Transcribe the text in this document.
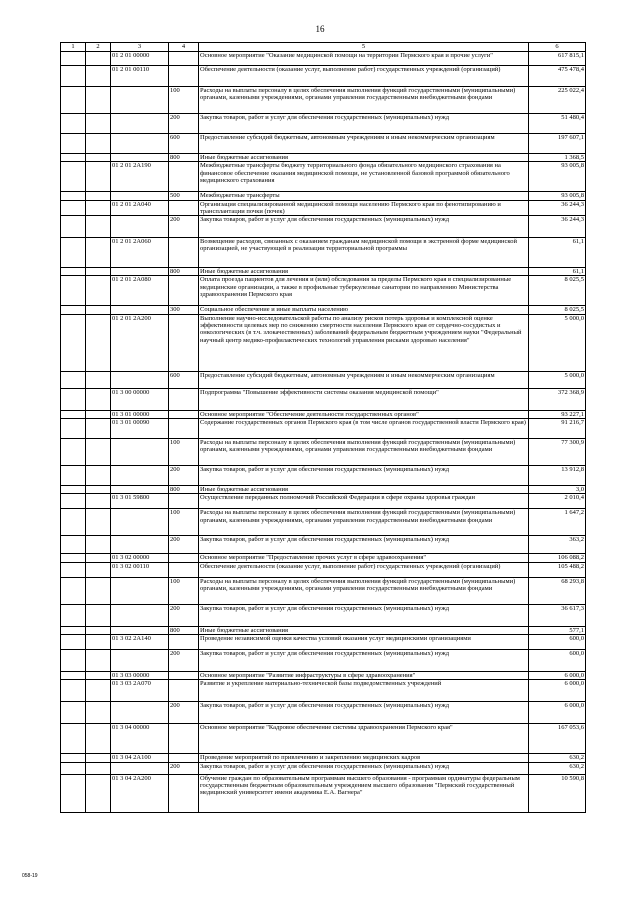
16
1	2	3	4	5	6
		01 2 01 00000		Основное мероприятие "Оказание медицинской помощи на территории Пермского края и прочие услуги"	617 815,1
		01 2 01 00110		Обеспечение деятельности (оказание услуг, выполнение работ) государственных учреждений (организаций)	475 478,4
			100	Расходы на выплаты персоналу в целях обеспечения выполнения функций государственными (муниципальными) органами, казенными учреждениями, органами управления государственными внебюджетными фондами	225 022,4
			200	Закупка товаров, работ и услуг для обеспечения государственных (муниципальных) нужд	51 480,4
			600	Предоставление субсидий бюджетным, автономным учреждениям и иным некоммерческим организациям	197 607,1
			800	Иные бюджетные ассигнования	1 368,5
		01 2 01 2А190		Межбюджетные трансферты бюджету территориального фонда обязательного медицинского страхования на финансовое обеспечение оказания медицинской помощи, не установленной базовой программой обязательного медицинского страхования	93 005,8
			500	Межбюджетные трансферты	93 005,8
		01 2 01 2А040		Организация специализированной медицинской помощи населению Пермского края по фенотипированию и трансплантации почки (почек)	36 244,3
			200	Закупка товаров, работ и услуг для обеспечения государственных (муниципальных) нужд	36 244,3
		01 2 01 2А060		Возмещение расходов, связанных с оказанием гражданам медицинской помощи в экстренной форме медицинской организацией, не участвующей в реализации территориальной программы	61,1
			800	Иные бюджетные ассигнования	61,1
		01 2 01 2А080		Оплата проезда пациентов для лечения и (или) обследования за пределы Пермского края в специализированные медицинские организации, а также в профильные туберкулезные санатории по направлению Министерства здравоохранения Пермского края	8 025,5
			300	Социальное обеспечение и иные выплаты населению	8 025,5
		01 2 01 2А200		Выполнение научно-исследовательской работы по анализу рисков потерь здоровья и комплексной оценке эффективности целевых мер по снижению смертности населения Пермского края от сердечно-сосудистых и онкологических (в т.ч. злокачественных) заболеваний федеральным бюджетным учреждением науки "Федеральный научный центр медико-профилактических технологий управления рисками здоровью населения"	5 000,0
			600	Предоставление субсидий бюджетным, автономным учреждениям и иным некоммерческим организациям	5 000,0
		01 3 00 00000		Подпрограмма "Повышение эффективности системы оказания медицинской помощи"	372 368,9
		01 3 01 00000		Основное мероприятие "Обеспечение деятельности государственных органов"	93 227,1
		01 3 01 00090		Содержание государственных органов Пермского края (в том числе органов государственной власти Пермского края)	91 216,7
			100	Расходы на выплаты персоналу в целях обеспечения выполнения функций государственными (муниципальными) органами, казенными учреждениями, органами управления государственными внебюджетными фондами	77 300,9
			200	Закупка товаров, работ и услуг для обеспечения государственных (муниципальных) нужд	13 912,8
			800	Иные бюджетные ассигнования	3,0
		01 3 01 59800		Осуществление переданных полномочий Российской Федерации в сфере охраны здоровья граждан	2 010,4
			100	Расходы на выплаты персоналу в целях обеспечения выполнения функций государственными (муниципальными) органами, казенными учреждениями, органами управления государственными внебюджетными фондами	1 647,2
			200	Закупка товаров, работ и услуг для обеспечения государственных (муниципальных) нужд	363,2
		01 3 02 00000		Основное мероприятие "Предоставление прочих услуг в сфере здравоохранения"	106 088,2
		01 3 02 00110		Обеспечение деятельности (оказание услуг, выполнение работ) государственных учреждений (организаций)	105 488,2
			100	Расходы на выплаты персоналу в целях обеспечения выполнения функций государственными (муниципальными) органами, казенными учреждениями, органами управления государственными внебюджетными фондами	68 293,8
			200	Закупка товаров, работ и услуг для обеспечения государственных (муниципальных) нужд	36 617,3
			800	Иные бюджетные ассигнования	577,1
		01 3 02 2А140		Проведение независимой оценки качества условий оказания услуг медицинскими организациями	600,0
			200	Закупка товаров, работ и услуг для обеспечения государственных (муниципальных) нужд	600,0
		01 3 03 00000		Основное мероприятие "Развитие инфраструктуры в сфере здравоохранения"	6 000,0
		01 3 03 2А070		Развитие и укрепление материально-технической базы подведомственных учреждений	6 000,0
			200	Закупка товаров, работ и услуг для обеспечения государственных (муниципальных) нужд	6 000,0
		01 3 04 00000		Основное мероприятие "Кадровое обеспечение системы здравоохранения Пермского края"	167 053,6
		01 3 04 2А100		Проведение мероприятий по привлечению и закреплению медицинских кадров	630,2
			200	Закупка товаров, работ и услуг для обеспечения государственных (муниципальных) нужд	630,2
		01 3 04 2А200		Обучение граждан по образовательным программам высшего образования - программам ординатуры федеральным государственным бюджетным образовательным учреждением высшего образования "Пермский государственный медицинский университет имени академика Е.А. Вагнера"	10 590,8
058-19
